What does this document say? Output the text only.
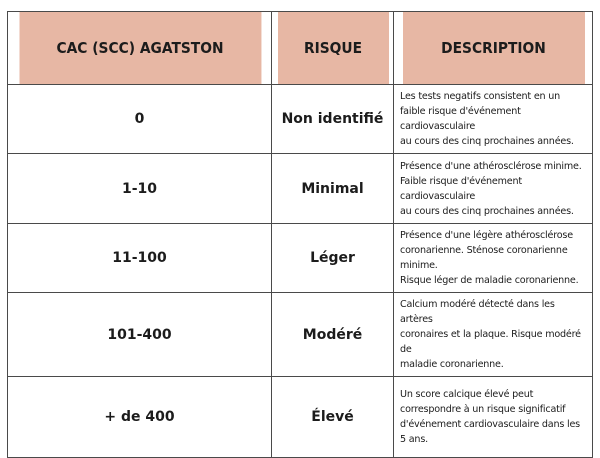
CAC (SCC) AGATSTON	RISQUE	DESCRIPTION
0	Non identifié	Les tests negatifs consistent en un
faible risque d'événement cardiovasculaire
au cours des cinq prochaines années.
1-10	Minimal	Présence d'une athérosclérose minime.
Faible risque d'événement cardiovasculaire
au cours des cinq prochaines années.
11-100	Léger	Présence d'une légère athérosclérose
coronarienne. Sténose coronarienne minime.
Risque léger de maladie coronarienne.
101-400	Modéré	Calcium modéré détecté dans les artères
coronaires et la plaque. Risque modéré de
maladie coronarienne.
+ de 400	Élevé	Un score calcique élevé peut
correspondre à un risque significatif
d'événement cardiovasculaire dans les 5 ans.
